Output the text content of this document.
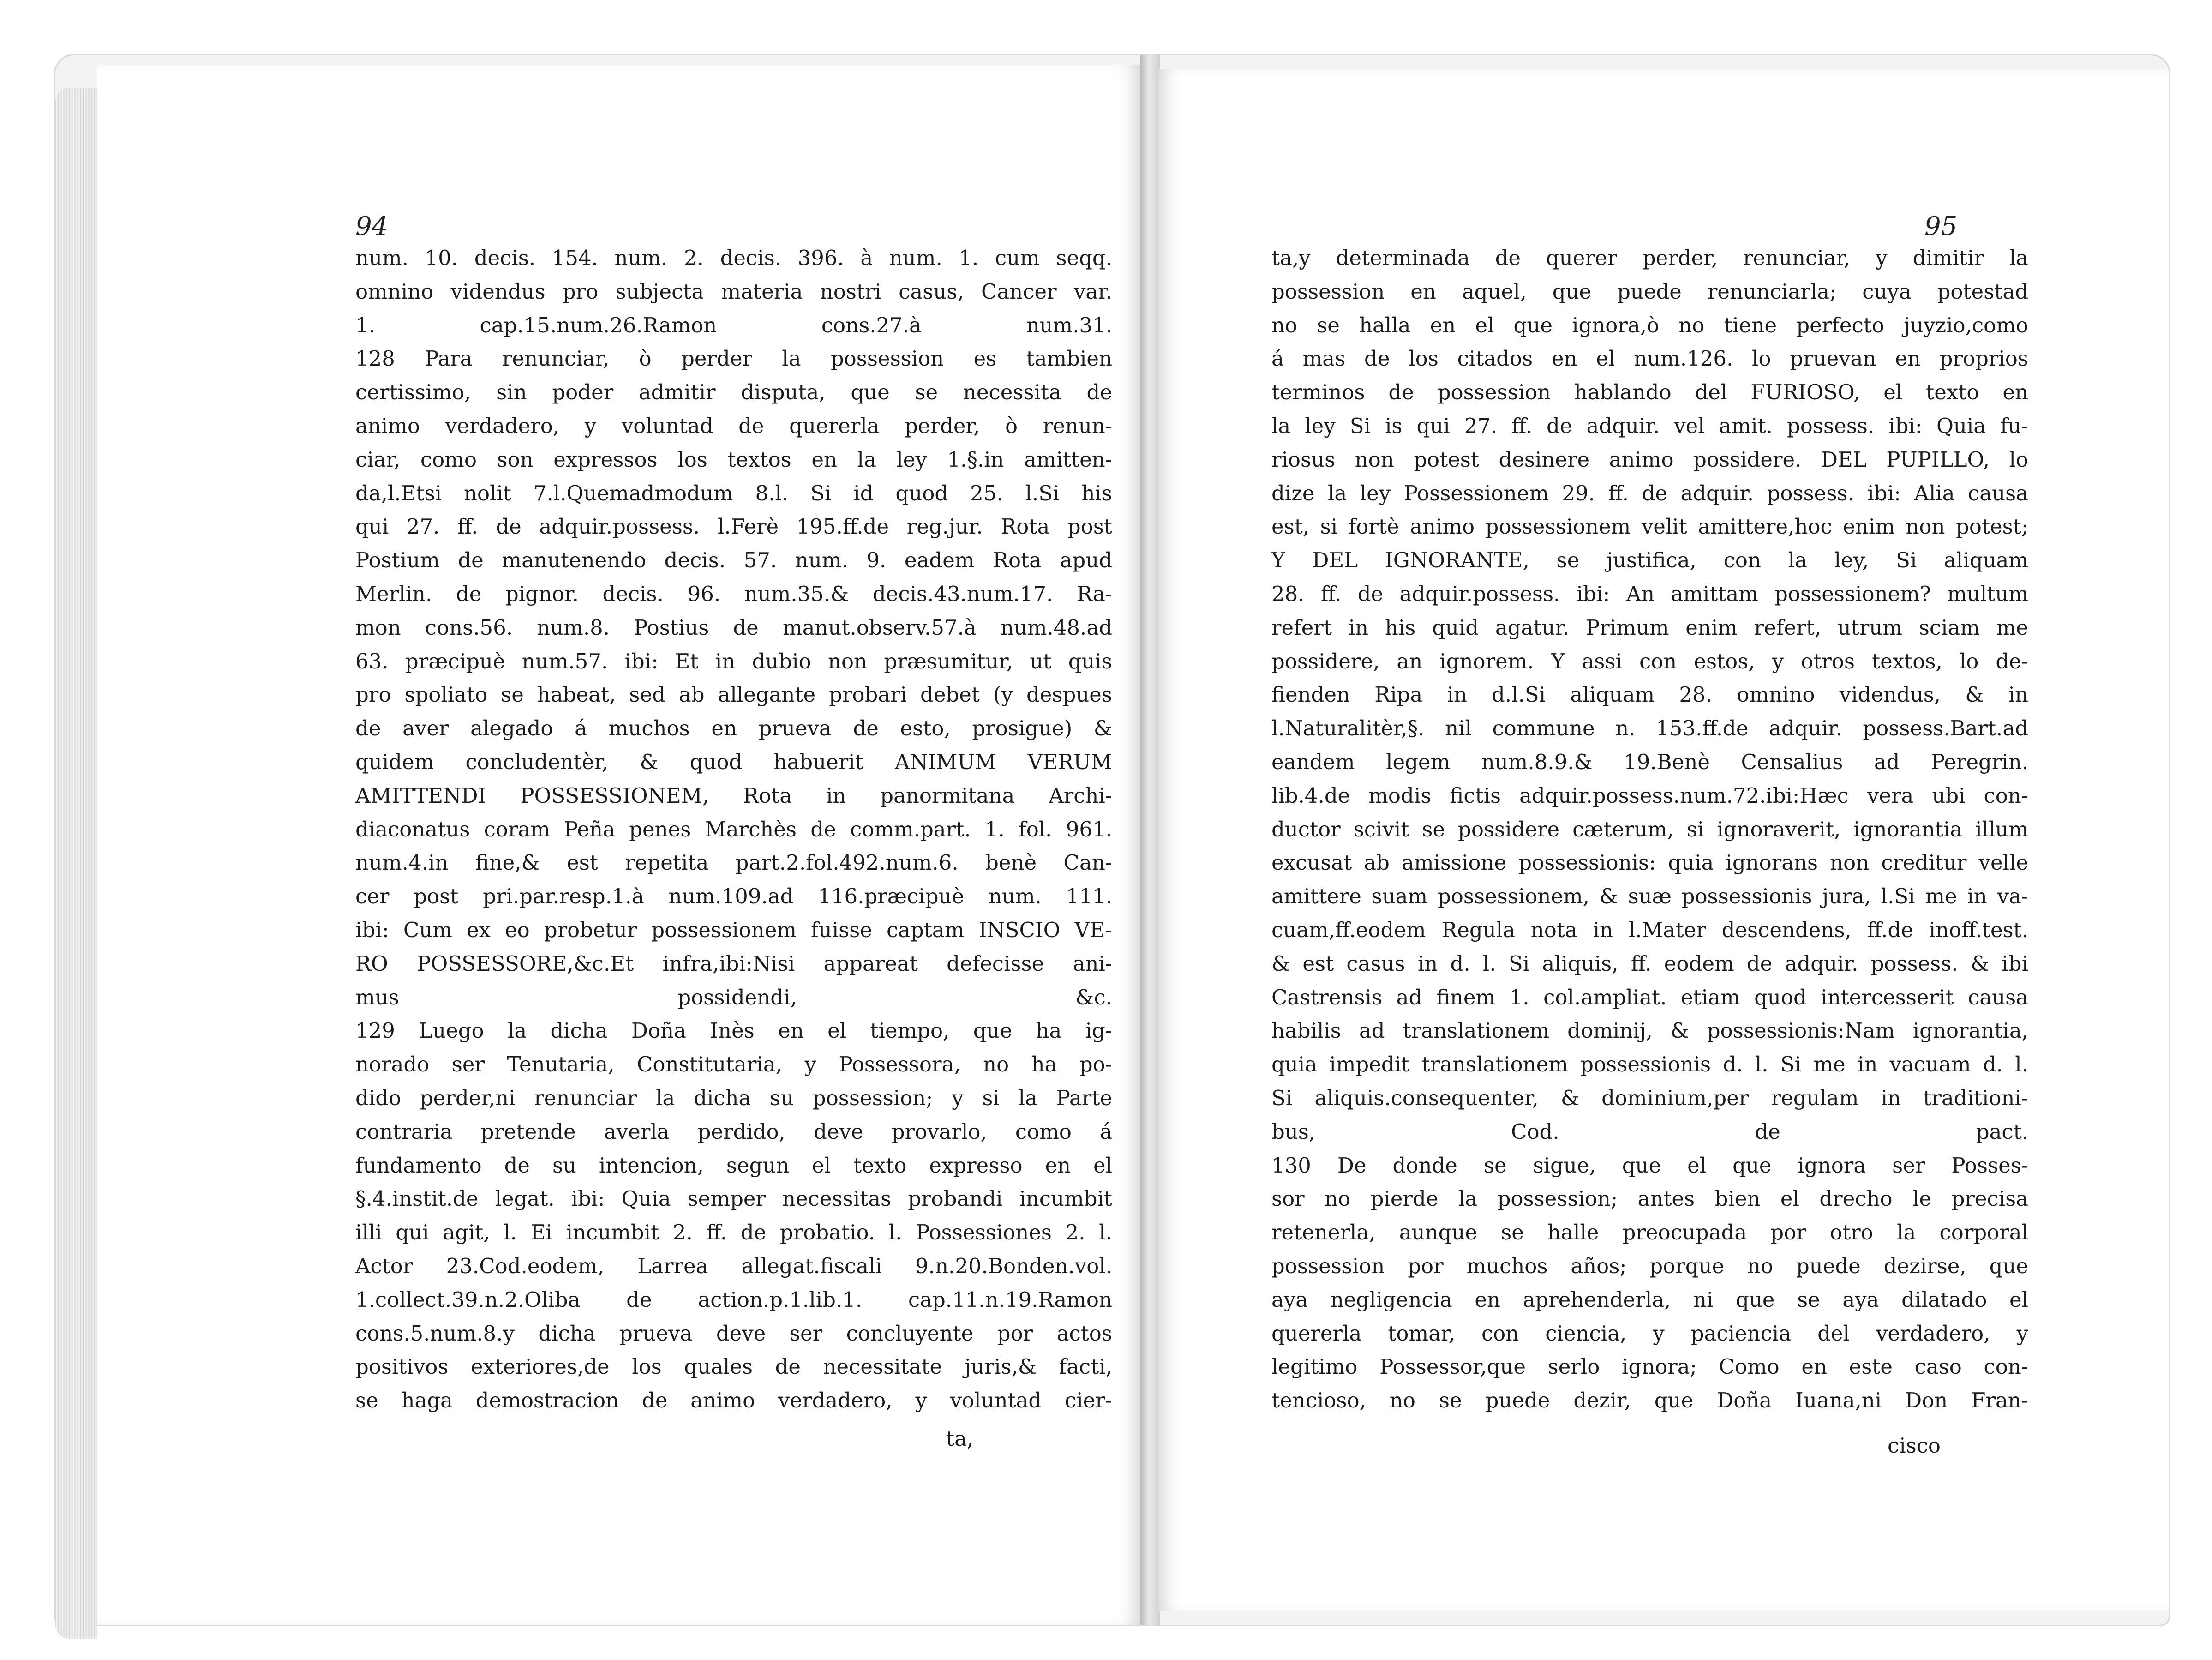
94
num. 10. decis. 154. num. 2. decis. 396. à num. 1. cum seqq.
omnino videndus pro subjecta materia nostri casus, Cancer var.
1. cap.15.num.26.Ramon cons.27.à num.31.
128 Para renunciar, ò perder la possession es tambien
certissimo, sin poder admitir disputa, que se necessita de
animo verdadero, y voluntad de quererla perder, ò renun-
ciar, como son expressos los textos en la ley 1.§.in amitten-
da,l.Etsi nolit 7.l.Quemadmodum 8.l. Si id quod 25. l.Si his
qui 27. ff. de adquir.possess. l.Ferè 195.ff.de reg.jur. Rota post
Postium de manutenendo decis. 57. num. 9. eadem Rota apud
Merlin. de pignor. decis. 96. num.35.& decis.43.num.17. Ra-
mon cons.56. num.8. Postius de manut.observ.57.à num.48.ad
63. præcipuè num.57. ibi: Et in dubio non præsumitur, ut quis
pro spoliato se habeat, sed ab allegante probari debet (y despues
de aver alegado á muchos en prueva de esto, prosigue) &
quidem concludentèr, & quod habuerit ANIMUM VERUM
AMITTENDI POSSESSIONEM, Rota in panormitana Archi-
diaconatus coram Peña penes Marchès de comm.part. 1. fol. 961.
num.4.in fine,& est repetita part.2.fol.492.num.6. benè Can-
cer post pri.par.resp.1.à num.109.ad 116.præcipuè num. 111.
ibi: Cum ex eo probetur possessionem fuisse captam INSCIO VE-
RO POSSESSORE,&c.Et infra,ibi:Nisi appareat defecisse ani-
mus possidendi, &c.
129 Luego la dicha Doña Inès en el tiempo, que ha ig-
norado ser Tenutaria, Constitutaria, y Possessora, no ha po-
dido perder,ni renunciar la dicha su possession; y si la Parte
contraria pretende averla perdido, deve provarlo, como á
fundamento de su intencion, segun el texto expresso en el
§.4.instit.de legat. ibi: Quia semper necessitas probandi incumbit
illi qui agit, l. Ei incumbit 2. ff. de probatio. l. Possessiones 2. l.
Actor 23.Cod.eodem, Larrea allegat.fiscali 9.n.20.Bonden.vol.
1.collect.39.n.2.Oliba de action.p.1.lib.1. cap.11.n.19.Ramon
cons.5.num.8.y dicha prueva deve ser concluyente por actos
positivos exteriores,de los quales de necessitate juris,& facti,
se haga demostracion de animo verdadero, y voluntad cier-
ta,
95
ta,y determinada de querer perder, renunciar, y dimitir la
possession en aquel, que puede renunciarla; cuya potestad
no se halla en el que ignora,ò no tiene perfecto juyzio,como
á mas de los citados en el num.126. lo pruevan en proprios
terminos de possession hablando del FURIOSO, el texto en
la ley Si is qui 27. ff. de adquir. vel amit. possess. ibi: Quia fu-
riosus non potest desinere animo possidere. DEL PUPILLO, lo
dize la ley Possessionem 29. ff. de adquir. possess. ibi: Alia causa
est, si fortè animo possessionem velit amittere,hoc enim non potest;
Y DEL IGNORANTE, se justifica, con la ley, Si aliquam
28. ff. de adquir.possess. ibi: An amittam possessionem? multum
refert in his quid agatur. Primum enim refert, utrum sciam me
possidere, an ignorem. Y assi con estos, y otros textos, lo de-
fienden Ripa in d.l.Si aliquam 28. omnino videndus, & in
l.Naturalitèr,§. nil commune n. 153.ff.de adquir. possess.Bart.ad
eandem legem num.8.9.& 19.Benè Censalius ad Peregrin.
lib.4.de modis fictis adquir.possess.num.72.ibi:Hæc vera ubi con-
ductor scivit se possidere cæterum, si ignoraverit, ignorantia illum
excusat ab amissione possessionis: quia ignorans non creditur velle
amittere suam possessionem, & suæ possessionis jura, l.Si me in va-
cuam,ff.eodem Regula nota in l.Mater descendens, ff.de inoff.test.
& est casus in d. l. Si aliquis, ff. eodem de adquir. possess. & ibi
Castrensis ad finem 1. col.ampliat. etiam quod intercesserit causa
habilis ad translationem dominij, & possessionis:Nam ignorantia,
quia impedit translationem possessionis d. l. Si me in vacuam d. l.
Si aliquis.consequenter, & dominium,per regulam in traditioni-
bus, Cod. de pact.
130 De donde se sigue, que el que ignora ser Posses-
sor no pierde la possession; antes bien el drecho le precisa
retenerla, aunque se halle preocupada por otro la corporal
possession por muchos años; porque no puede dezirse, que
aya negligencia en aprehenderla, ni que se aya dilatado el
quererla tomar, con ciencia, y paciencia del verdadero, y
legitimo Possessor,que serlo ignora; Como en este caso con-
tencioso, no se puede dezir, que Doña Iuana,ni Don Fran-
cisco
